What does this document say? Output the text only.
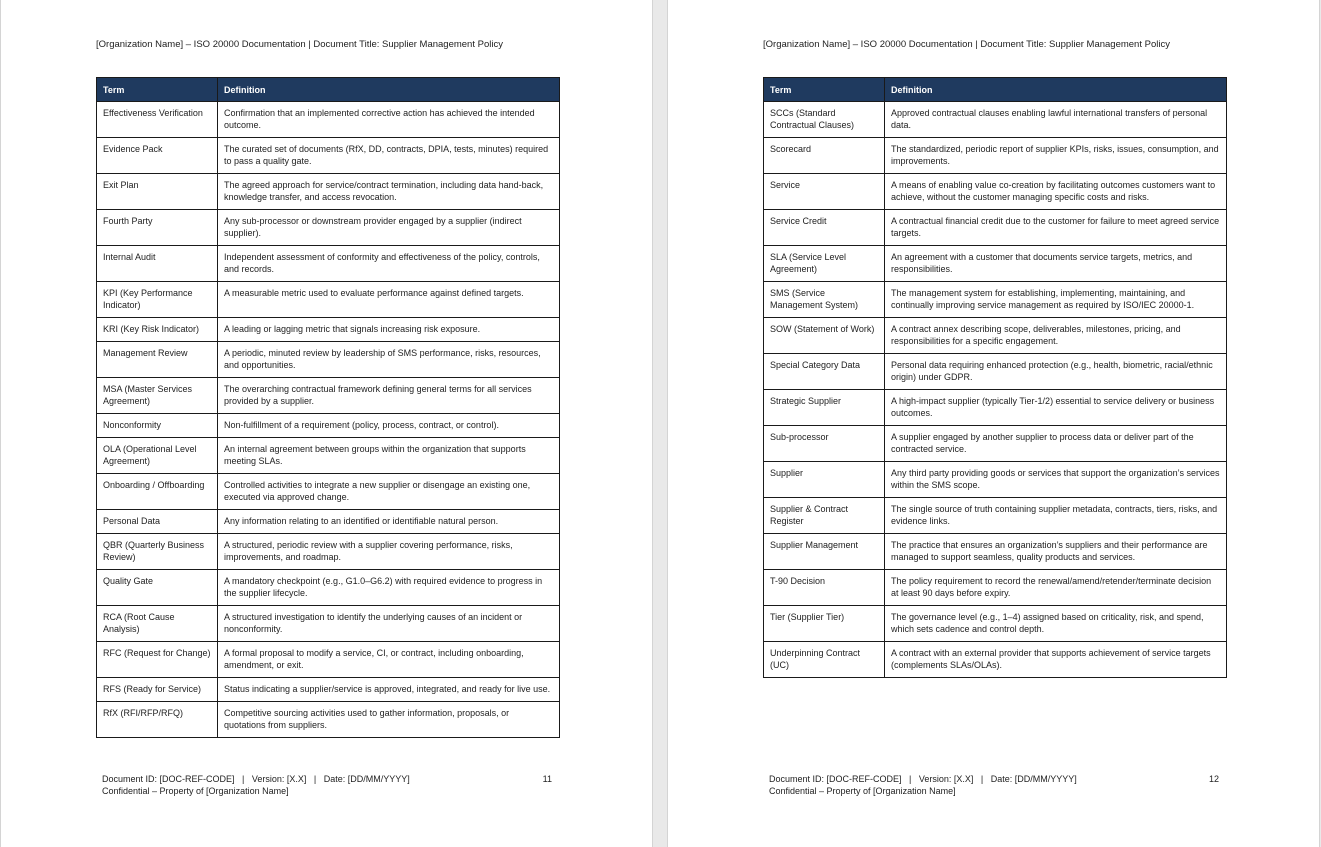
[Organization Name] – ISO 20000 Documentation | Document Title: Supplier Management Policy
Term	Definition
Effectiveness Verification	Confirmation that an implemented corrective action has achieved the intended outcome.
Evidence Pack	The curated set of documents (RfX, DD, contracts, DPIA, tests, minutes) required to pass a quality gate.
Exit Plan	The agreed approach for service/contract termination, including data hand-back, knowledge transfer, and access revocation.
Fourth Party	Any sub-processor or downstream provider engaged by a supplier (indirect supplier).
Internal Audit	Independent assessment of conformity and effectiveness of the policy, controls, and records.
KPI (Key Performance Indicator)	A measurable metric used to evaluate performance against defined targets.
KRI (Key Risk Indicator)	A leading or lagging metric that signals increasing risk exposure.
Management Review	A periodic, minuted review by leadership of SMS performance, risks, resources, and opportunities.
MSA (Master Services Agreement)	The overarching contractual framework defining general terms for all services provided by a supplier.
Nonconformity	Non-fulfillment of a requirement (policy, process, contract, or control).
OLA (Operational Level Agreement)	An internal agreement between groups within the organization that supports meeting SLAs.
Onboarding / Offboarding	Controlled activities to integrate a new supplier or disengage an existing one, executed via approved change.
Personal Data	Any information relating to an identified or identifiable natural person.
QBR (Quarterly Business Review)	A structured, periodic review with a supplier covering performance, risks, improvements, and roadmap.
Quality Gate	A mandatory checkpoint (e.g., G1.0–G6.2) with required evidence to progress in the supplier lifecycle.
RCA (Root Cause Analysis)	A structured investigation to identify the underlying causes of an incident or nonconformity.
RFC (Request for Change)	A formal proposal to modify a service, CI, or contract, including onboarding, amendment, or exit.
RFS (Ready for Service)	Status indicating a supplier/service is approved, integrated, and ready for live use.
RfX (RFI/RFP/RFQ)	Competitive sourcing activities used to gather information, proposals, or quotations from suppliers.
Document ID: [DOC-REF-CODE]   |   Version: [X.X]   |   Date: [DD/MM/YYYY]
Confidential – Property of [Organization Name]
11
[Organization Name] – ISO 20000 Documentation | Document Title: Supplier Management Policy
Term	Definition
SCCs (Standard Contractual Clauses)	Approved contractual clauses enabling lawful international transfers of personal data.
Scorecard	The standardized, periodic report of supplier KPIs, risks, issues, consumption, and improvements.
Service	A means of enabling value co-creation by facilitating outcomes customers want to achieve, without the customer managing specific costs and risks.
Service Credit	A contractual financial credit due to the customer for failure to meet agreed service targets.
SLA (Service Level Agreement)	An agreement with a customer that documents service targets, metrics, and responsibilities.
SMS (Service Management System)	The management system for establishing, implementing, maintaining, and continually improving service management as required by ISO/IEC 20000-1.
SOW (Statement of Work)	A contract annex describing scope, deliverables, milestones, pricing, and responsibilities for a specific engagement.
Special Category Data	Personal data requiring enhanced protection (e.g., health, biometric, racial/ethnic origin) under GDPR.
Strategic Supplier	A high-impact supplier (typically Tier-1/2) essential to service delivery or business outcomes.
Sub-processor	A supplier engaged by another supplier to process data or deliver part of the contracted service.
Supplier	Any third party providing goods or services that support the organization’s services within the SMS scope.
Supplier & Contract Register	The single source of truth containing supplier metadata, contracts, tiers, risks, and evidence links.
Supplier Management	The practice that ensures an organization’s suppliers and their performance are managed to support seamless, quality products and services.
T-90 Decision	The policy requirement to record the renewal/amend/retender/terminate decision at least 90 days before expiry.
Tier (Supplier Tier)	The governance level (e.g., 1–4) assigned based on criticality, risk, and spend, which sets cadence and control depth.
Underpinning Contract (UC)	A contract with an external provider that supports achievement of service targets (complements SLAs/OLAs).
Document ID: [DOC-REF-CODE]   |   Version: [X.X]   |   Date: [DD/MM/YYYY]
Confidential – Property of [Organization Name]
12
